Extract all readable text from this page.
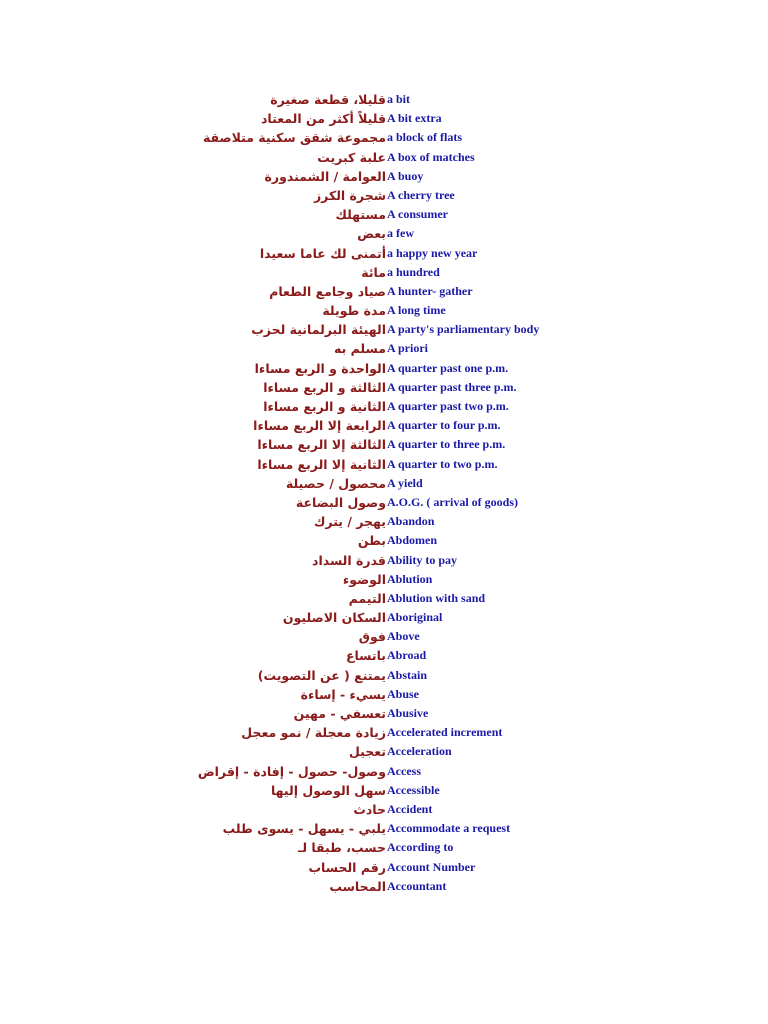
قليلا، قطعة صغيرة a bit
قليلاً أكثر من المعتاد A bit extra
مجموعة شقق سكنية متلاصقة a block of flats
علبة كبريت A box of matches
العوامة / الشمندورة A buoy
شجرة الكرز A cherry tree
مستهلك A consumer
بعض a few
أتمنى لك عاما سعيدا a happy new year
مائة a hundred
صياد وجامع الطعام A hunter- gather
مدة طويلة A long time
الهيئة البرلمانية لحزب A party's parliamentary body
مسلم به A priori
الواحدة و الربع مساءا A quarter past one p.m.
الثالثة و الربع مساءا A quarter past three p.m.
الثانية و الربع مساءا A quarter past two p.m.
الرابعة إلا الربع مساءا A quarter to four p.m.
الثالثة إلا الربع مساءا A quarter to three p.m.
الثانية إلا الربع مساءا A quarter to two p.m.
محصول / حصيلة A yield
وصول البضاعة A.O.G. ( arrival of goods)
يهجر / يترك Abandon
بطن Abdomen
قدرة السداد Ability to pay
الوضوء Ablution
التيمم Ablution with sand
السكان الاصليون Aboriginal
فوق Above
باتساع Abroad
يمتنع ( عن التصويت) Abstain
يسيء - إساءة Abuse
تعسفي - مهين Abusive
زيادة معجلة / نمو معجل Accelerated increment
تعجيل Acceleration
وصول- حصول - إفادة - إقراض Access
سهل الوصول إليها Accessible
حادث Accident
يلبي - يسهل - يسوى طلب Accommodate a request
حسب، طبقا لـ According to
رقم الحساب Account Number
المحاسب Accountant
